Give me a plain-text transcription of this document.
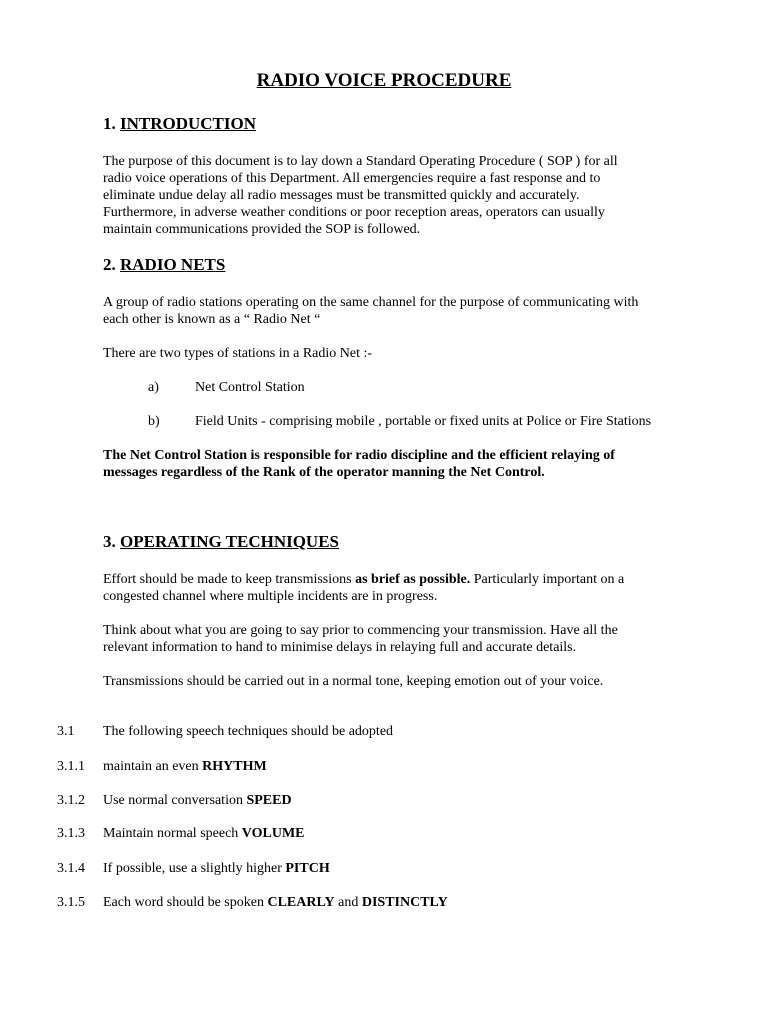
RADIO VOICE PROCEDURE
1. INTRODUCTION

The purpose of this document is to lay down a Standard Operating Procedure ( SOP ) for all

radio voice operations of this Department. All emergencies require a fast response and to

eliminate undue delay all radio messages must be transmitted quickly and accurately.

Furthermore, in adverse weather conditions or poor reception areas, operators can usually

maintain communications provided the SOP is followed.

2. RADIO NETS

A group of radio stations operating on the same channel for the purpose of communicating with

each other is known as a “ Radio Net “

There are two types of stations in a Radio Net :-
a)	Net Control Station
b)	Field Units - comprising mobile , portable or fixed units at Police or Fire Stations

The Net Control Station is responsible for radio discipline and the efficient relaying of

messages regardless of the Rank of the operator manning the Net Control.

3. OPERATING TECHNIQUES

Effort should be made to keep transmissions as brief as possible. Particularly important on a

congested channel where multiple incidents are in progress.

Think about what you are going to say prior to commencing your transmission. Have all the

relevant information to hand to minimise delays in relaying full and accurate details.

Transmissions should be carried out in a normal tone, keeping emotion out of your voice.
3.1 The following speech techniques should be adopted
3.1.1 maintain an even RHYTHM
3.1.2 Use normal conversation SPEED
3.1.3 Maintain normal speech VOLUME
3.1.4 If possible, use a slightly higher PITCH
3.1.5 Each word should be spoken CLEARLY and DISTINCTLY
